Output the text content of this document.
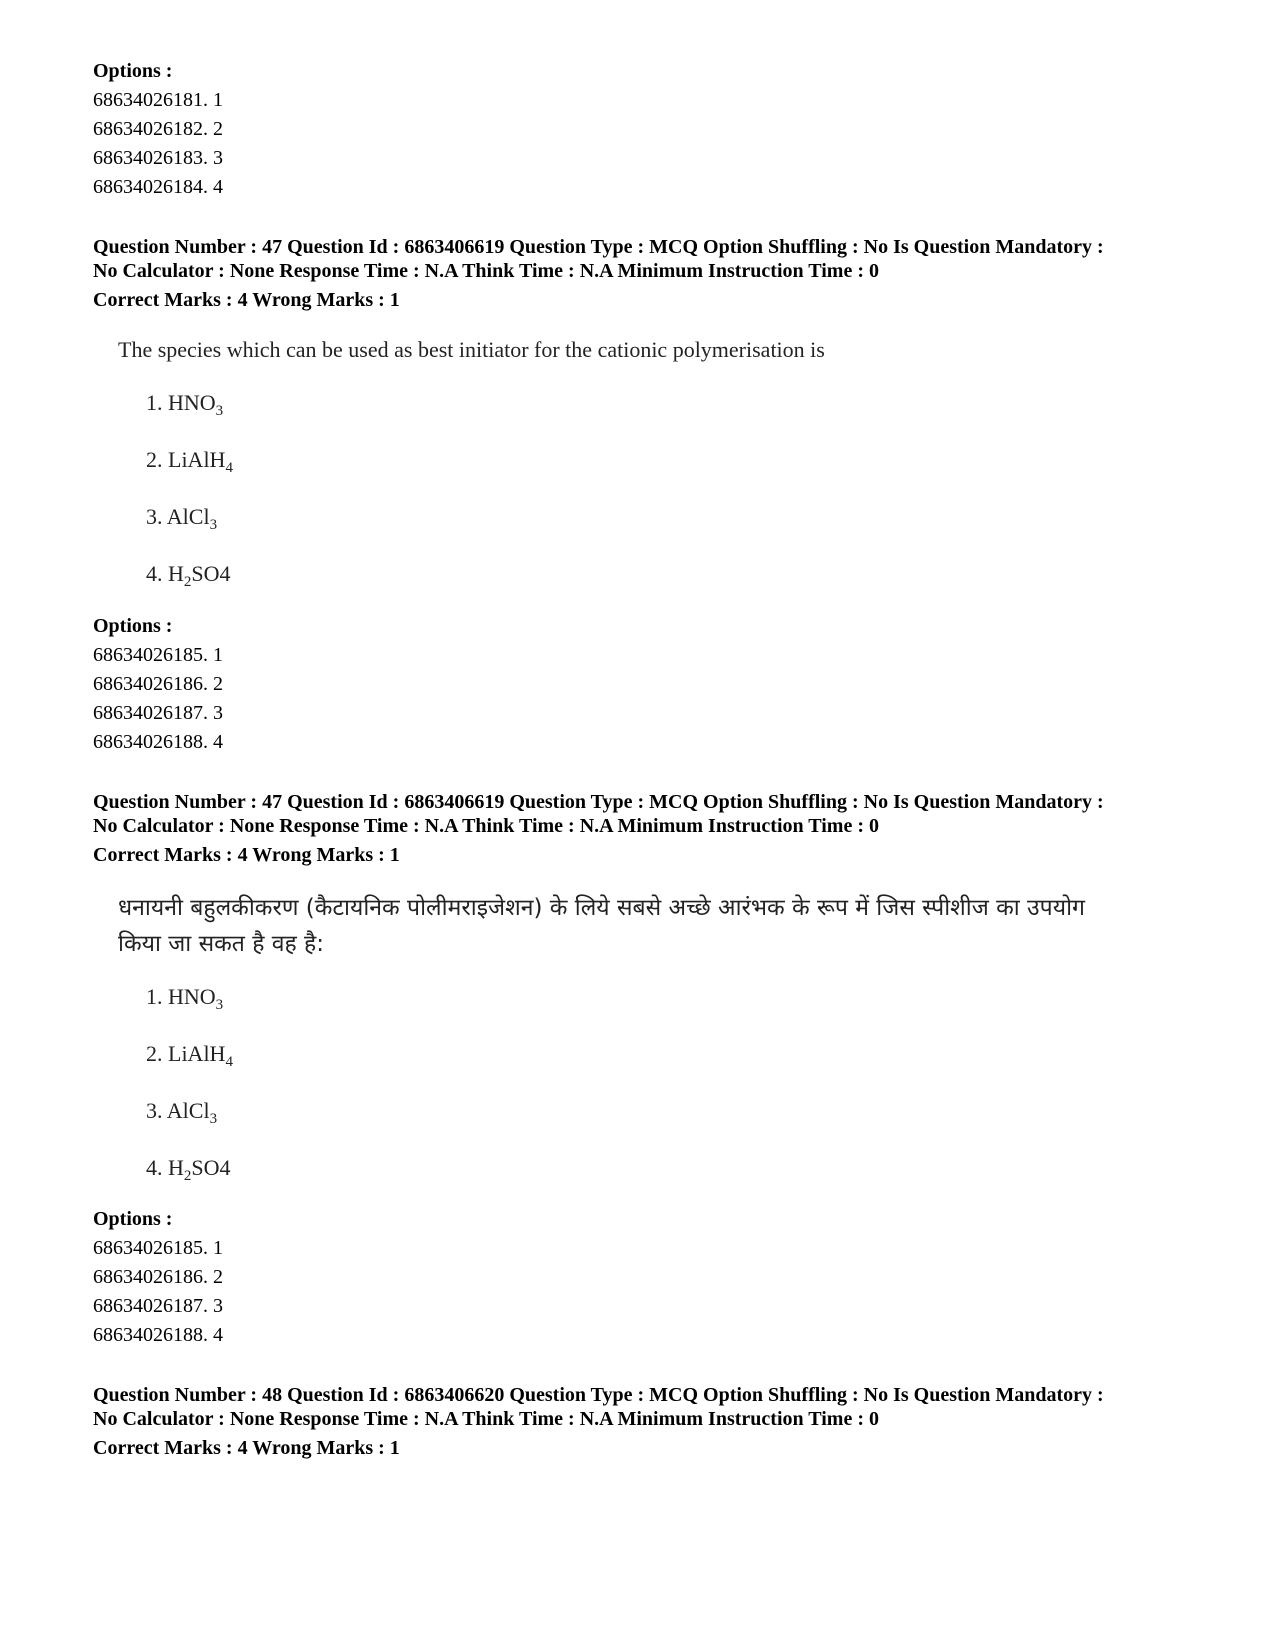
Options :
68634026181. 1
68634026182. 2
68634026183. 3
68634026184. 4
Question Number : 47 Question Id : 6863406619 Question Type : MCQ Option Shuffling : No Is Question Mandatory :
No Calculator : None Response Time : N.A Think Time : N.A Minimum Instruction Time : 0
Correct Marks : 4 Wrong Marks : 1
The species which can be used as best initiator for the cationic polymerisation is
1. $HNO_3$
2. LiAlH$_4$
3. AlCl$_3$
4. $H_2SO4$
Options :
68634026185. 1
68634026186. 2
68634026187. 3
68634026188. 4
Question Number : 47 Question Id : 6863406619 Question Type : MCQ Option Shuffling : No Is Question Mandatory :
No Calculator : None Response Time : N.A Think Time : N.A Minimum Instruction Time : 0
Correct Marks : 4 Wrong Marks : 1
धनायनी बहुलकीकरण (कैटायनिक पोलीमराइजेशन) के लिये सबसे अच्छे आरंभक के रूप में जिस स्पीशीज का उपयोग
किया जा सकत है वह है:
1. $HNO_3$
2. LiAlH$_4$
3. AlCl$_3$
4. $H_2SO4$
Options :
68634026185. 1
68634026186. 2
68634026187. 3
68634026188. 4
Question Number : 48 Question Id : 6863406620 Question Type : MCQ Option Shuffling : No Is Question Mandatory :
No Calculator : None Response Time : N.A Think Time : N.A Minimum Instruction Time : 0
Correct Marks : 4 Wrong Marks : 1
